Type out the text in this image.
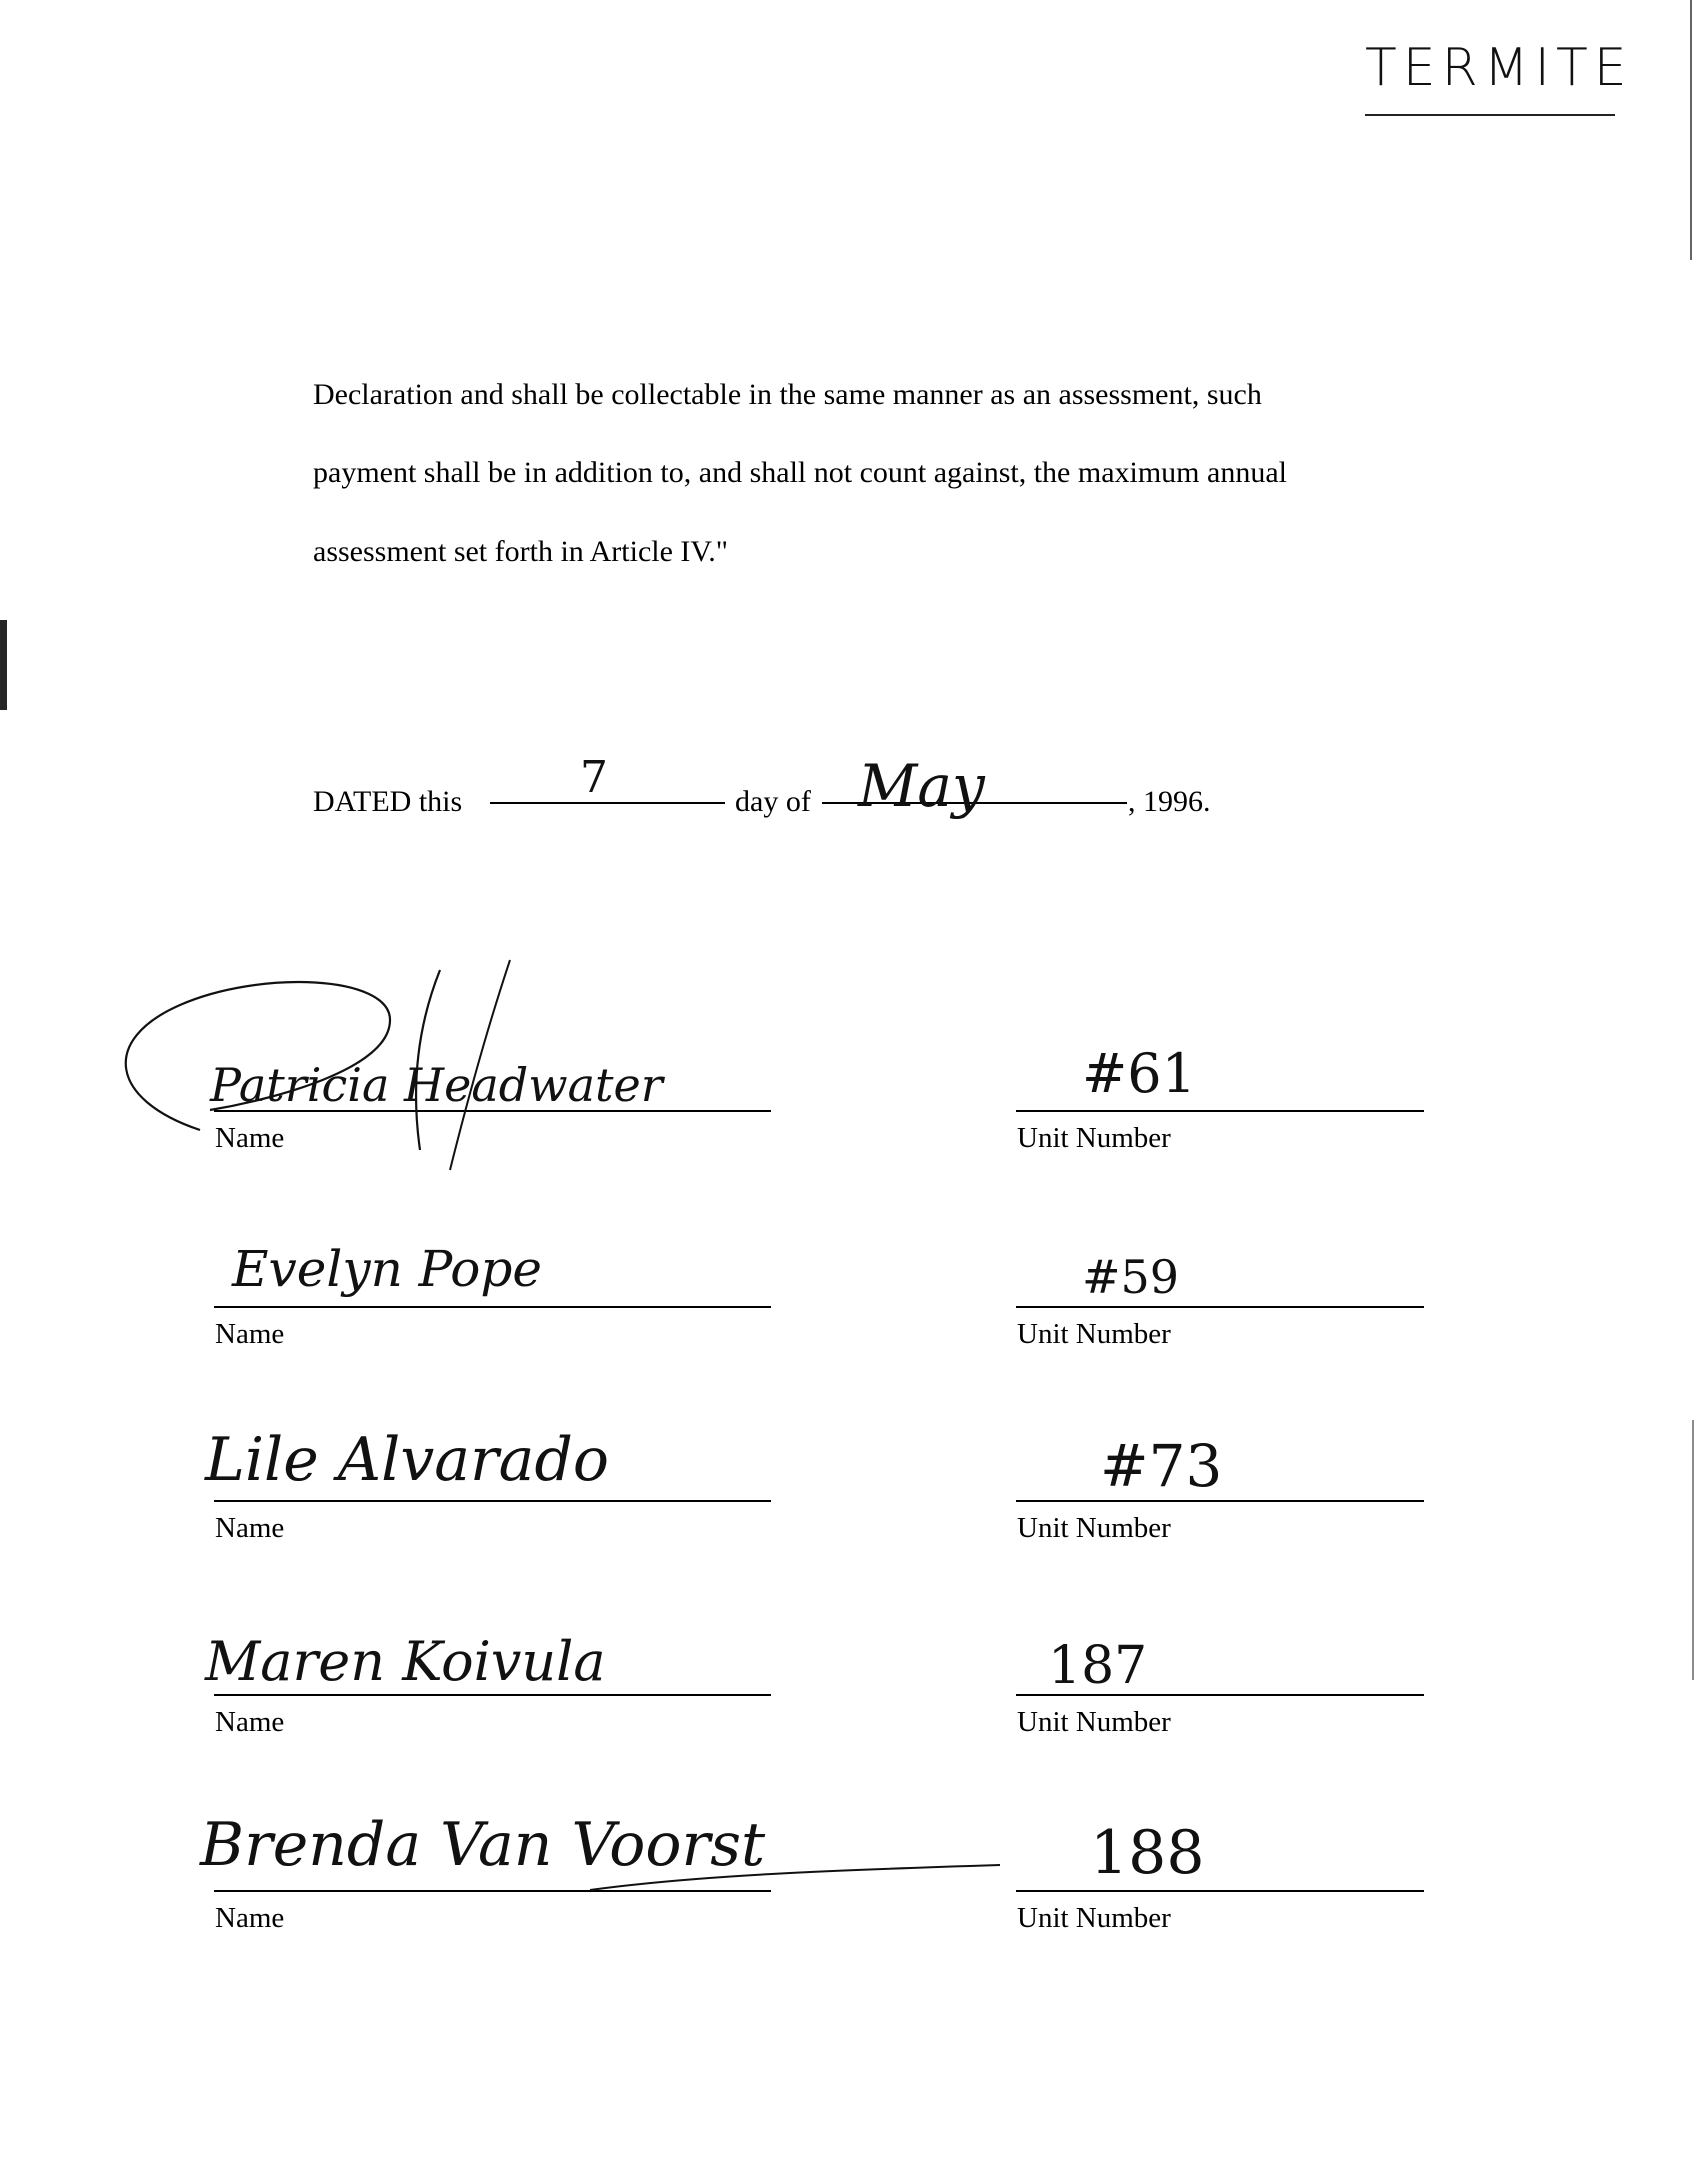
TERMITE
Declaration and shall be collectable in the same manner as an assessment, such
payment shall be in addition to, and shall not count against, the maximum annual
assessment set forth in Article IV."
DATED this	7	day of May	, 1996.
Name
Patricia Headwater
Unit Number
#61
Name
Evelyn Pope
Unit Number
#59
Name
Lile Alvarado
Unit Number
#73
Name
Maren Koivula
Unit Number
187
Name
Brenda Van Voorst
Unit Number
188
